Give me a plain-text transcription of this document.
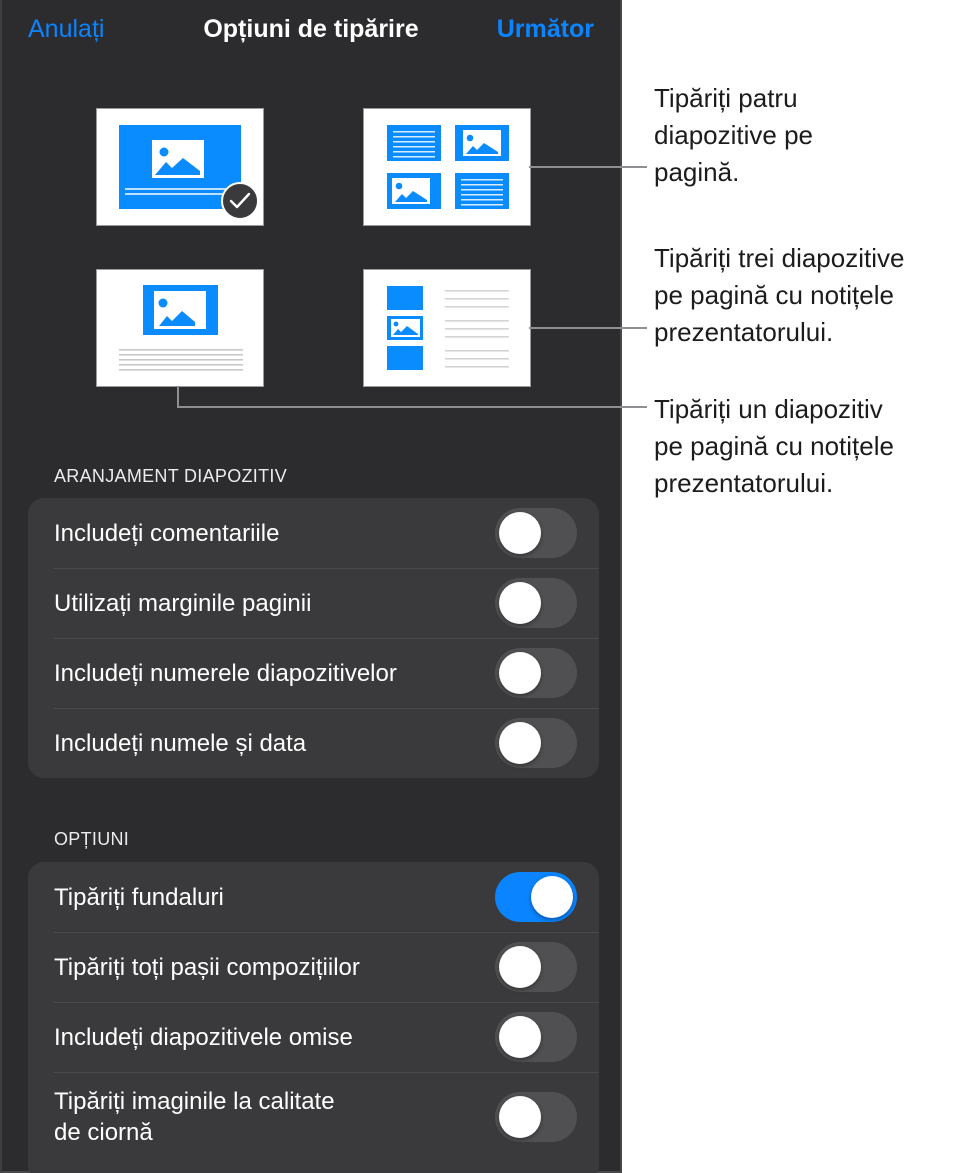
Anulați	Opțiuni de tipărire	Următor
ARANJAMENT DIAPOZITIV
Includeți comentariile
Utilizați marginile paginii
Includeți numerele diapozitivelor
Includeți numele și data
OPȚIUNI
Tipăriți fundaluri
Tipăriți toți pașii compozițiilor
Includeți diapozitivele omise
Tipăriți imaginile la calitate
de ciornă
Tipăriți patru
diapozitive pe
pagină.
Tipăriți trei diapozitive
pe pagină cu notițele
prezentatorului.
Tipăriți un diapozitiv
pe pagină cu notițele
prezentatorului.
